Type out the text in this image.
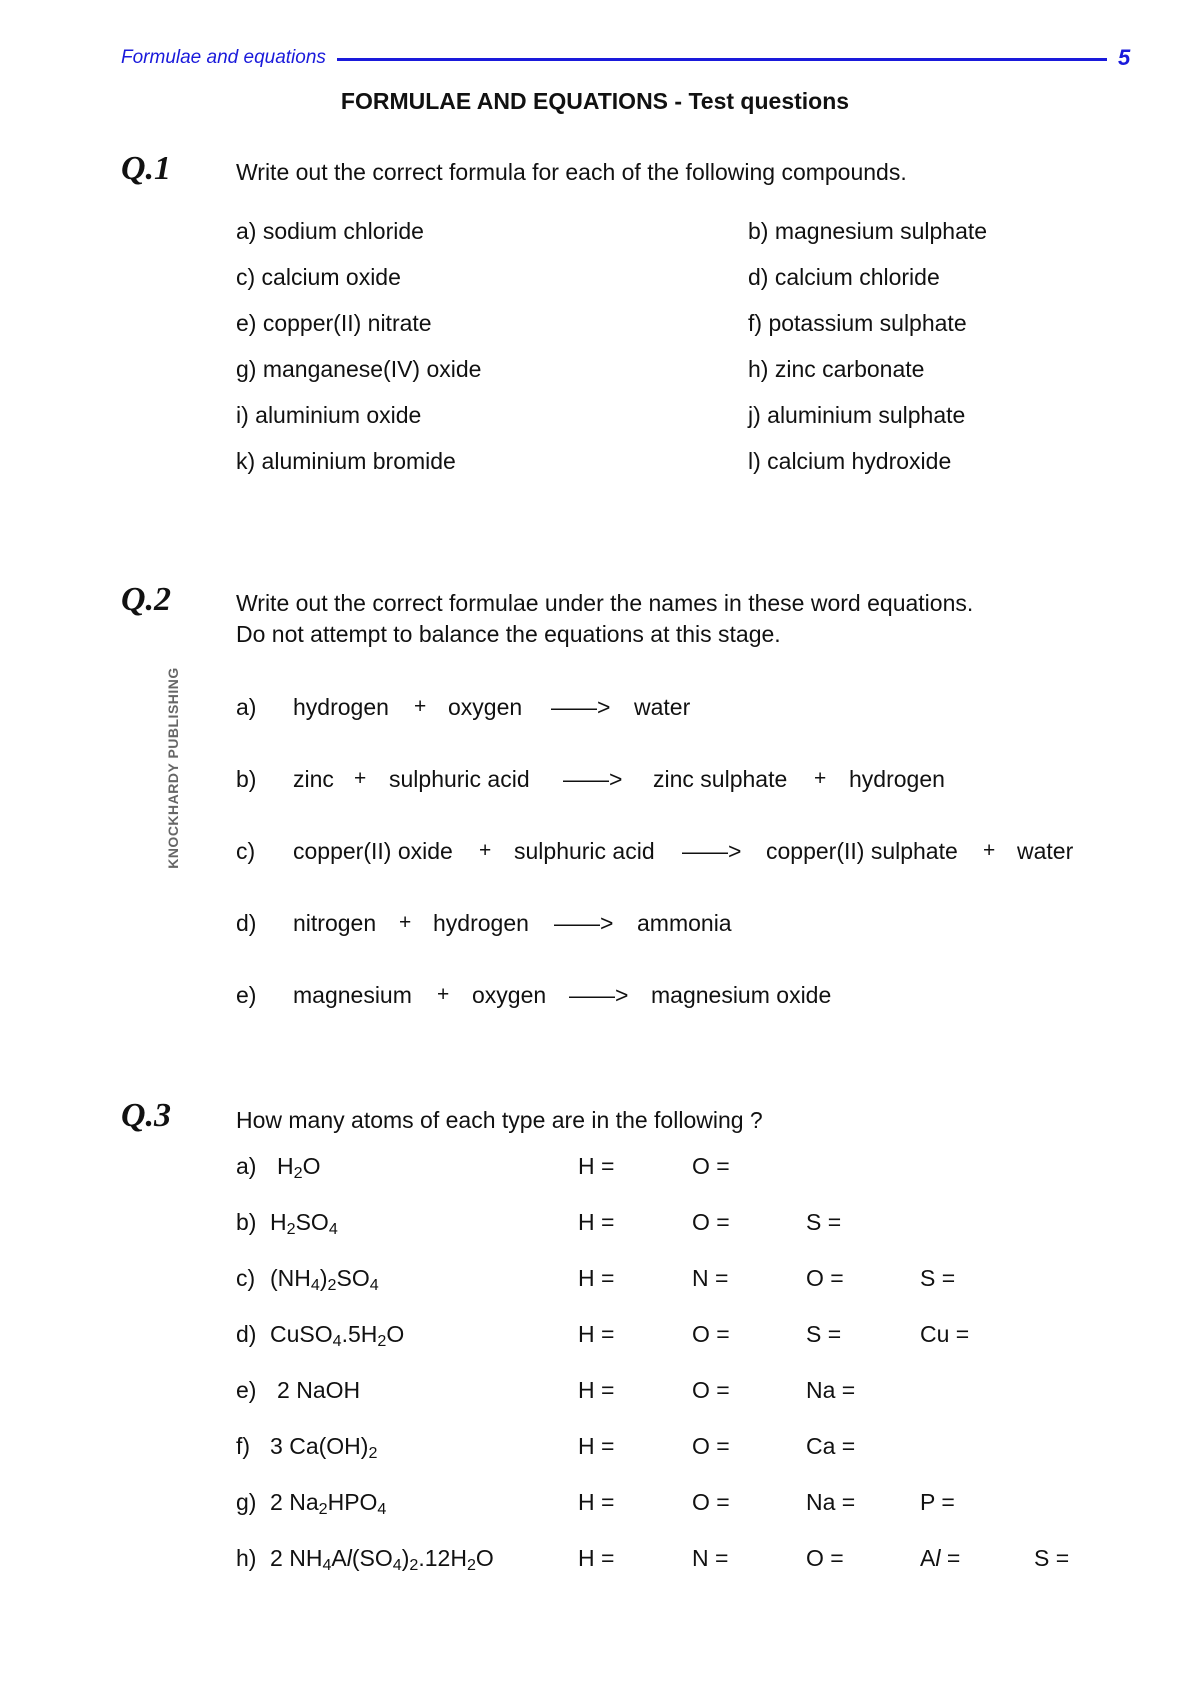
Formulae and equations	5
FORMULAE AND EQUATIONS - Test questions
KNOCKHARDY PUBLISHING
Q.1	Write out the correct formula for each of the following compounds.
a) sodium chloride	b) magnesium sulphate
c) calcium oxide	d) calcium chloride
e) copper(II) nitrate	f) potassium sulphate
g) manganese(IV) oxide	h) zinc carbonate
i) aluminium oxide	j) aluminium sulphate
k) aluminium bromide	l) calcium hydroxide
Q.2	Write out the correct formulae under the names in these word equations.
Do not attempt to balance the equations at this stage.
a) hydrogen + oxygen ——> water
b) zinc + sulphuric acid ——> zinc sulphate + hydrogen
c) copper(II) oxide + sulphuric acid ——> copper(II) sulphate + water
d) nitrogen + hydrogen ——> ammonia
e) magnesium + oxygen ——> magnesium oxide
Q.3	How many atoms of each type are in the following ?
a) $H_2O$	H =	O =
b) $H_2SO_4$	H =	O =	S =
c) $(NH_4)_2SO_4$	H =	N =	O =	S =
d) $CuSO_4.5H_2O$	H =	O =	S =	Cu =
e) 2 NaOH	H =	O =	Na =
f) 3 $Ca(OH)_2$	H =	O =	Ca =
g) 2 $Na_2HPO_4$	H =	O =	Na =	P =
h) 2 $NH_4Al(SO_4)_2.12H_2O$	H =	N =	O =	Al =	S =
